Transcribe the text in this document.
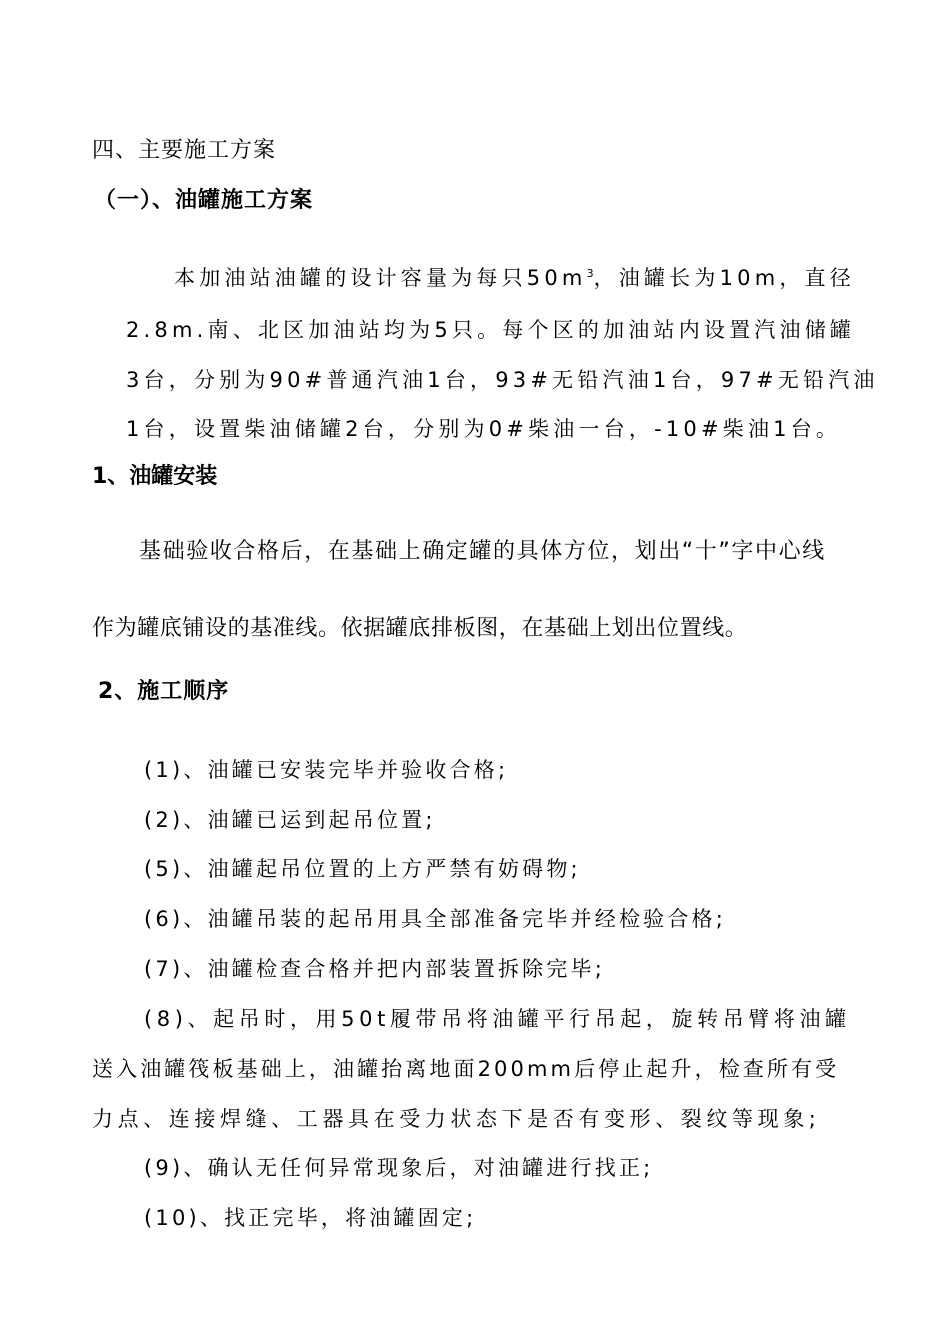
四、主要施工方案
（一）、油罐施工方案
本加油站油罐的设计容量为每只$50m^3$，油罐长为10m，直径
2.8m.南、北区加油站均为5只。每个区的加油站内设置汽油储罐
3台，分别为90#普通汽油1台，93#无铅汽油1台，97#无铅汽油
1台，设置柴油储罐2台，分别为0#柴油一台，-10#柴油1台。
1、油罐安装
基础验收合格后，在基础上确定罐的具体方位，划出“十”字中心线
作为罐底铺设的基准线。依据罐底排板图，在基础上划出位置线。
2、施工顺序
(1)、油罐已安装完毕并验收合格;
(2)、油罐已运到起吊位置;
(5)、油罐起吊位置的上方严禁有妨碍物;
(6)、油罐吊装的起吊用具全部准备完毕并经检验合格;
(7)、油罐检查合格并把内部装置拆除完毕;
(8)、起吊时，用50t履带吊将油罐平行吊起，旋转吊臂将油罐
送入油罐筏板基础上，油罐抬离地面200mm后停止起升，检查所有受
力点、连接焊缝、工器具在受力状态下是否有变形、裂纹等现象;
(9)、确认无任何异常现象后，对油罐进行找正;
(10)、找正完毕，将油罐固定;
